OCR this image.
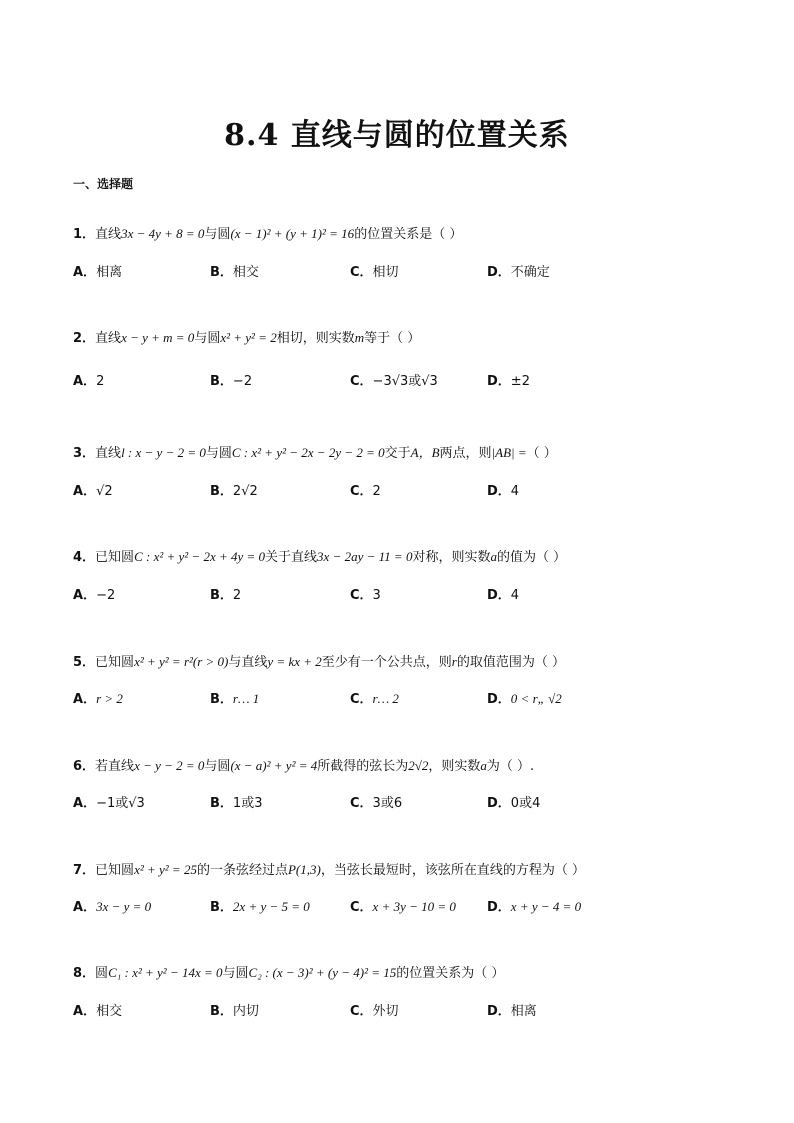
8.4 直线与圆的位置关系
一、选择题
1．直线3x − 4y + 8 = 0与圆(x − 1)² + (y + 1)² = 16的位置关系是（ ）
A．相离	B．相交	C．相切	D．不确定
2．直线x − y + m = 0与圆x² + y² = 2相切，则实数m等于（ ）
A．2	B．−2	C．−3√3或√3	D．±2
3．直线l : x − y − 2 = 0与圆C : x² + y² − 2x − 2y − 2 = 0交于A，B两点，则|AB| =（ ）
A．√2	B．2√2	C．2	D．4
4．已知圆C : x² + y² − 2x + 4y = 0关于直线3x − 2ay − 11 = 0对称，则实数a的值为（ ）
A．−2	B．2	C．3	D．4
5．已知圆x² + y² = r²(r > 0)与直线y = kx + 2至少有一个公共点，则r的取值范围为（ ）
A．r > 2	B．r… 1	C．r… 2	D．0 < r„ √2
6．若直线x − y − 2 = 0与圆(x − a)² + y² = 4所截得的弦长为2√2，则实数a为（ ）.
A．−1或√3	B．1或3	C．3或6	D．0或4
7．已知圆x² + y² = 25的一条弦经过点P(1,3)，当弦长最短时，该弦所在直线的方程为（ ）
A．3x − y = 0	B．2x + y − 5 = 0	C．x + 3y − 10 = 0 D．x + y − 4 = 0
8．圆C₁ : x² + y² − 14x = 0与圆C₂ : (x − 3)² + (y − 4)² = 15的位置关系为（ ）
A．相交	B．内切	C．外切	D．相离
